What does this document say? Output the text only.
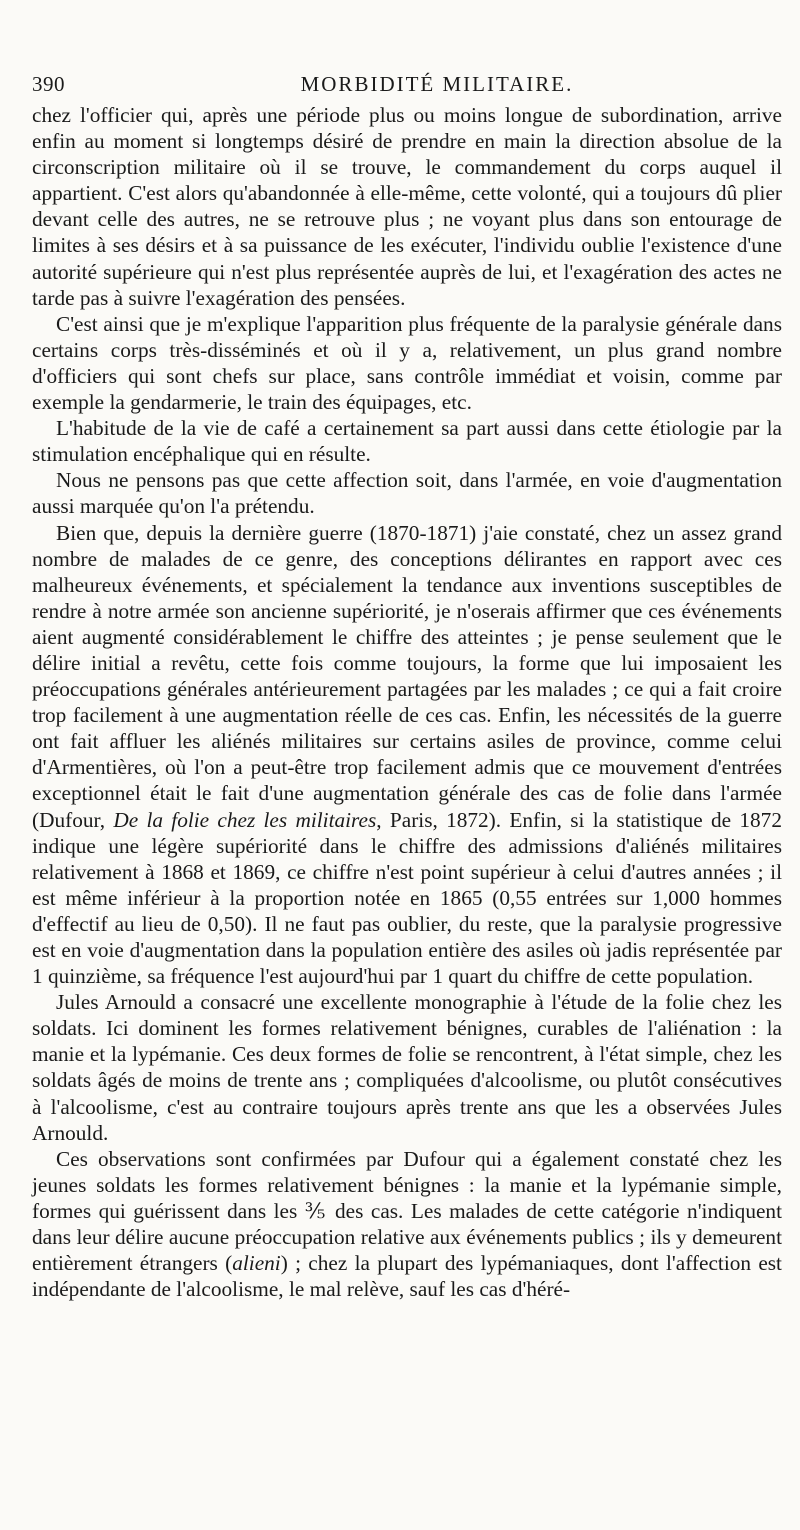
390	MORBIDITÉ MILITAIRE.

chez l'officier qui, après une période plus ou moins longue de subordination, arrive enfin au moment si longtemps désiré de prendre en main la direction absolue de la circonscription militaire où il se trouve, le commandement du corps auquel il appartient. C'est alors qu'abandonnée à elle-même, cette volonté, qui a toujours dû plier devant celle des autres, ne se retrouve plus ; ne voyant plus dans son entourage de limites à ses désirs et à sa puissance de les exécuter, l'individu oublie l'existence d'une autorité supérieure qui n'est plus représentée auprès de lui, et l'exagération des actes ne tarde pas à suivre l'exagération des pensées.

C'est ainsi que je m'explique l'apparition plus fréquente de la paralysie générale dans certains corps très-disséminés et où il y a, relativement, un plus grand nombre d'officiers qui sont chefs sur place, sans contrôle immédiat et voisin, comme par exemple la gendarmerie, le train des équipages, etc.

L'habitude de la vie de café a certainement sa part aussi dans cette étiologie par la stimulation encéphalique qui en résulte.

Nous ne pensons pas que cette affection soit, dans l'armée, en voie d'augmentation aussi marquée qu'on l'a prétendu.

Bien que, depuis la dernière guerre (1870-1871) j'aie constaté, chez un assez grand nombre de malades de ce genre, des conceptions délirantes en rapport avec ces malheureux événements, et spécialement la tendance aux inventions susceptibles de rendre à notre armée son ancienne supériorité, je n'oserais affirmer que ces événements aient augmenté considérablement le chiffre des atteintes ; je pense seulement que le délire initial a revêtu, cette fois comme toujours, la forme que lui imposaient les préoccupations générales antérieurement partagées par les malades ; ce qui a fait croire trop facilement à une augmentation réelle de ces cas. Enfin, les nécessités de la guerre ont fait affluer les aliénés militaires sur certains asiles de province, comme celui d'Armentières, où l'on a peut-être trop facilement admis que ce mouvement d'entrées exceptionnel était le fait d'une augmentation générale des cas de folie dans l'armée (Dufour, De la folie chez les militaires, Paris, 1872). Enfin, si la statistique de 1872 indique une légère supériorité dans le chiffre des admissions d'aliénés militaires relativement à 1868 et 1869, ce chiffre n'est point supérieur à celui d'autres années ; il est même inférieur à la proportion notée en 1865 (0,55 entrées sur 1,000 hommes d'effectif au lieu de 0,50). Il ne faut pas oublier, du reste, que la paralysie progressive est en voie d'augmentation dans la population entière des asiles où jadis représentée par 1 quinzième, sa fréquence l'est aujourd'hui par 1 quart du chiffre de cette population.

Jules Arnould a consacré une excellente monographie à l'étude de la folie chez les soldats. Ici dominent les formes relativement bénignes, curables de l'aliénation : la manie et la lypémanie. Ces deux formes de folie se rencontrent, à l'état simple, chez les soldats âgés de moins de trente ans ; compliquées d'alcoolisme, ou plutôt consécutives à l'alcoolisme, c'est au contraire toujours après trente ans que les a observées Jules Arnould.

Ces observations sont confirmées par Dufour qui a également constaté chez les jeunes soldats les formes relativement bénignes : la manie et la lypémanie simple, formes qui guérissent dans les ⅗ des cas. Les malades de cette catégorie n'indiquent dans leur délire aucune préoccupation relative aux événements publics ; ils y demeurent entièrement étrangers (alieni) ; chez la plupart des lypémaniaques, dont l'affection est indépendante de l'alcoolisme, le mal relève, sauf les cas d'héré-
